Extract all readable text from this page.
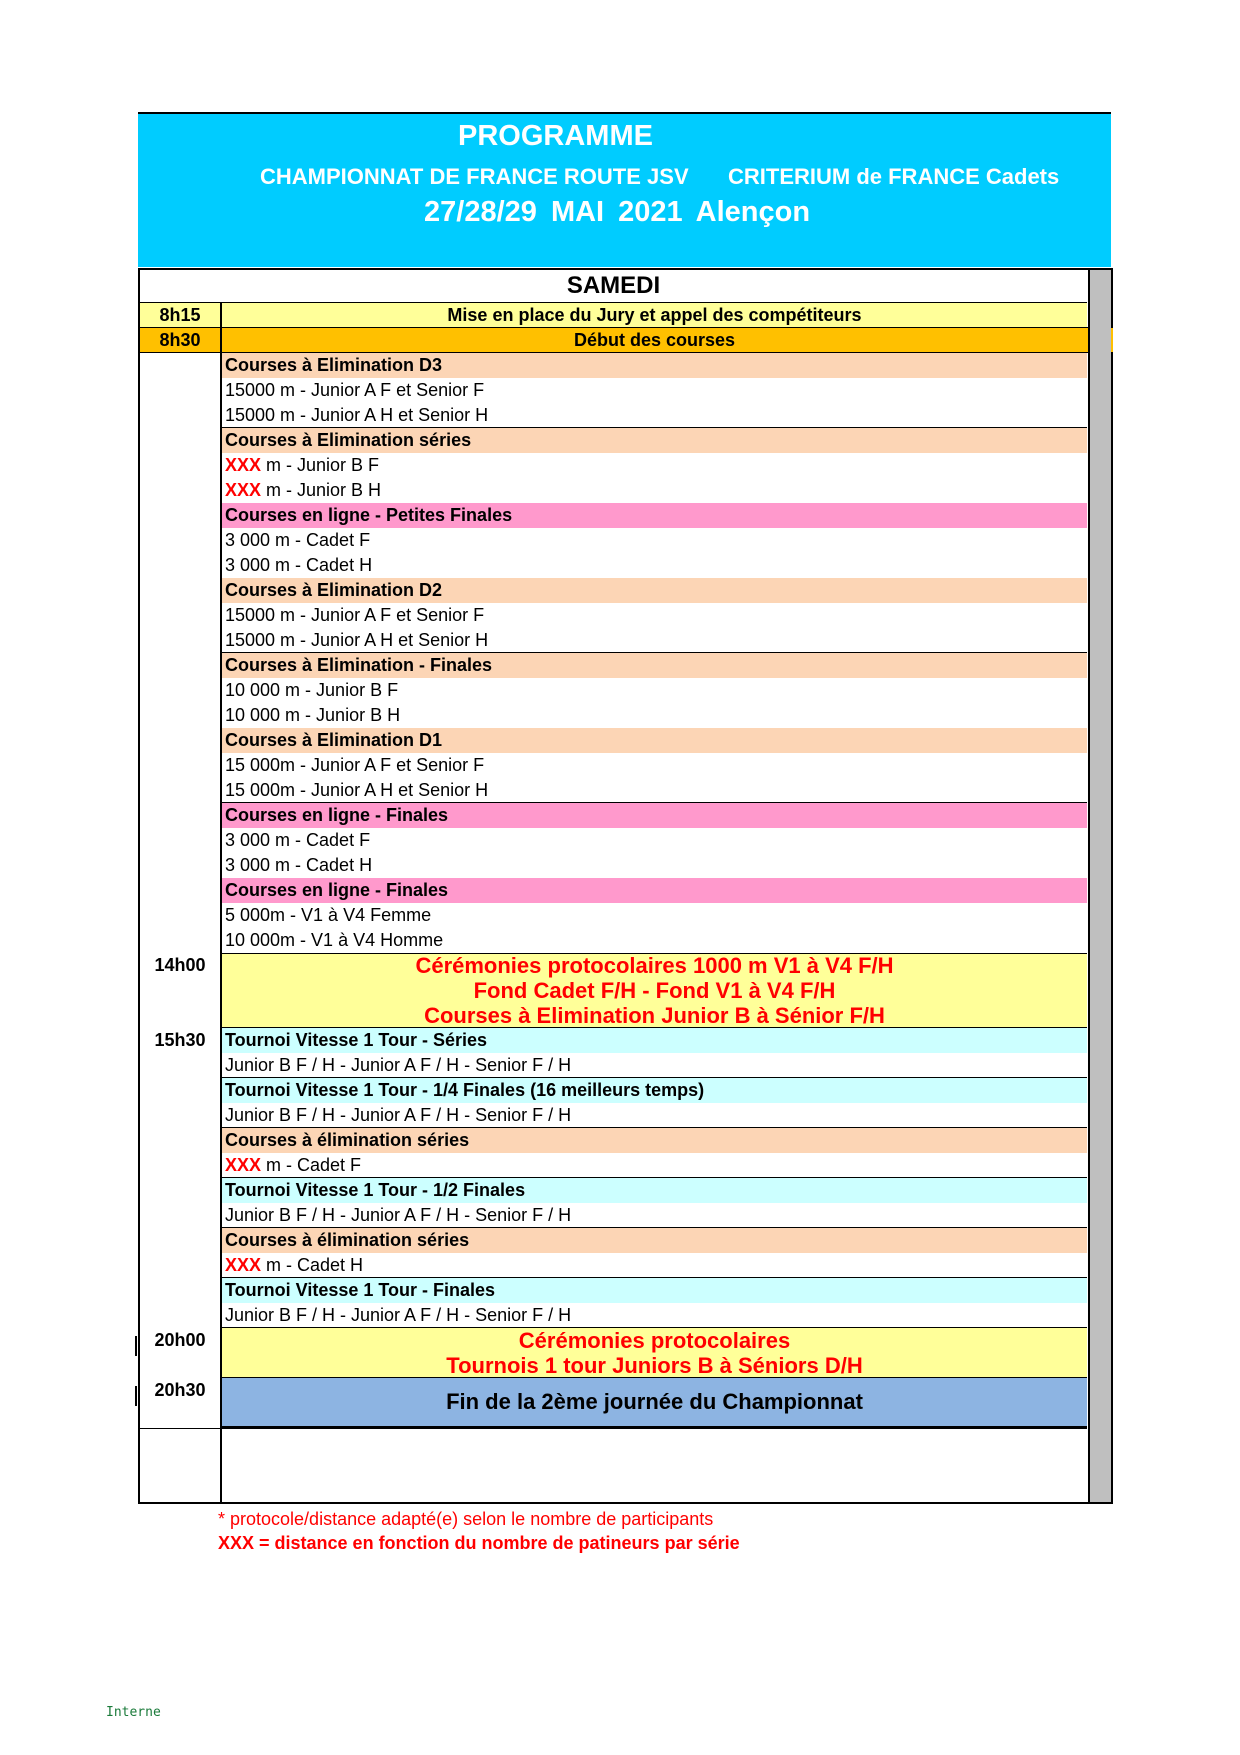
PROGRAMME
CHAMPIONNAT DE FRANCE ROUTE JSV CRITERIUM de FRANCE Cadets
27/28/29 MAI 2021 Alençon
SAMEDI
8h15	Mise en place du Jury et appel des compétiteurs
8h30	Début des courses
Courses à Elimination D3
15000 m - Junior A F et Senior F
15000 m - Junior A H et Senior H
Courses à Elimination séries
XXX m - Junior B F
XXX m - Junior B H
Courses en ligne - Petites Finales
3 000 m - Cadet F
3 000 m - Cadet H
Courses à Elimination D2
15000 m - Junior A F et Senior F
15000 m - Junior A H et Senior H
Courses à Elimination - Finales
10 000 m - Junior B F
10 000 m - Junior B H
Courses à Elimination D1
15 000m - Junior A F et Senior F
15 000m - Junior A H et Senior H
Courses en ligne - Finales
3 000 m - Cadet F
3 000 m - Cadet H
Courses en ligne - Finales
5 000m - V1 à V4 Femme
10 000m - V1 à V4 Homme
14h00	Cérémonies protocolaires 1000 m V1 à V4 F/H
Fond Cadet F/H - Fond V1 à V4 F/H
Courses à Elimination Junior B à Sénior F/H
15h30	Tournoi Vitesse 1 Tour - Séries
Junior B F / H - Junior A F / H - Senior F / H
Tournoi Vitesse 1 Tour - 1/4 Finales (16 meilleurs temps)
Junior B F / H - Junior A F / H - Senior F / H
Courses à élimination séries
XXX m - Cadet F
Tournoi Vitesse 1 Tour - 1/2 Finales
Junior B F / H - Junior A F / H - Senior F / H
Courses à élimination séries
XXX m - Cadet H
Tournoi Vitesse 1 Tour - Finales
Junior B F / H - Junior A F / H - Senior F / H
20h00	Cérémonies protocolaires
Tournois 1 tour Juniors B à Séniors D/H
20h30	Fin de la 2ème journée du Championnat
* protocole/distance adapté(e) selon le nombre de participants
XXX = distance en fonction du nombre de patineurs par série
Interne
